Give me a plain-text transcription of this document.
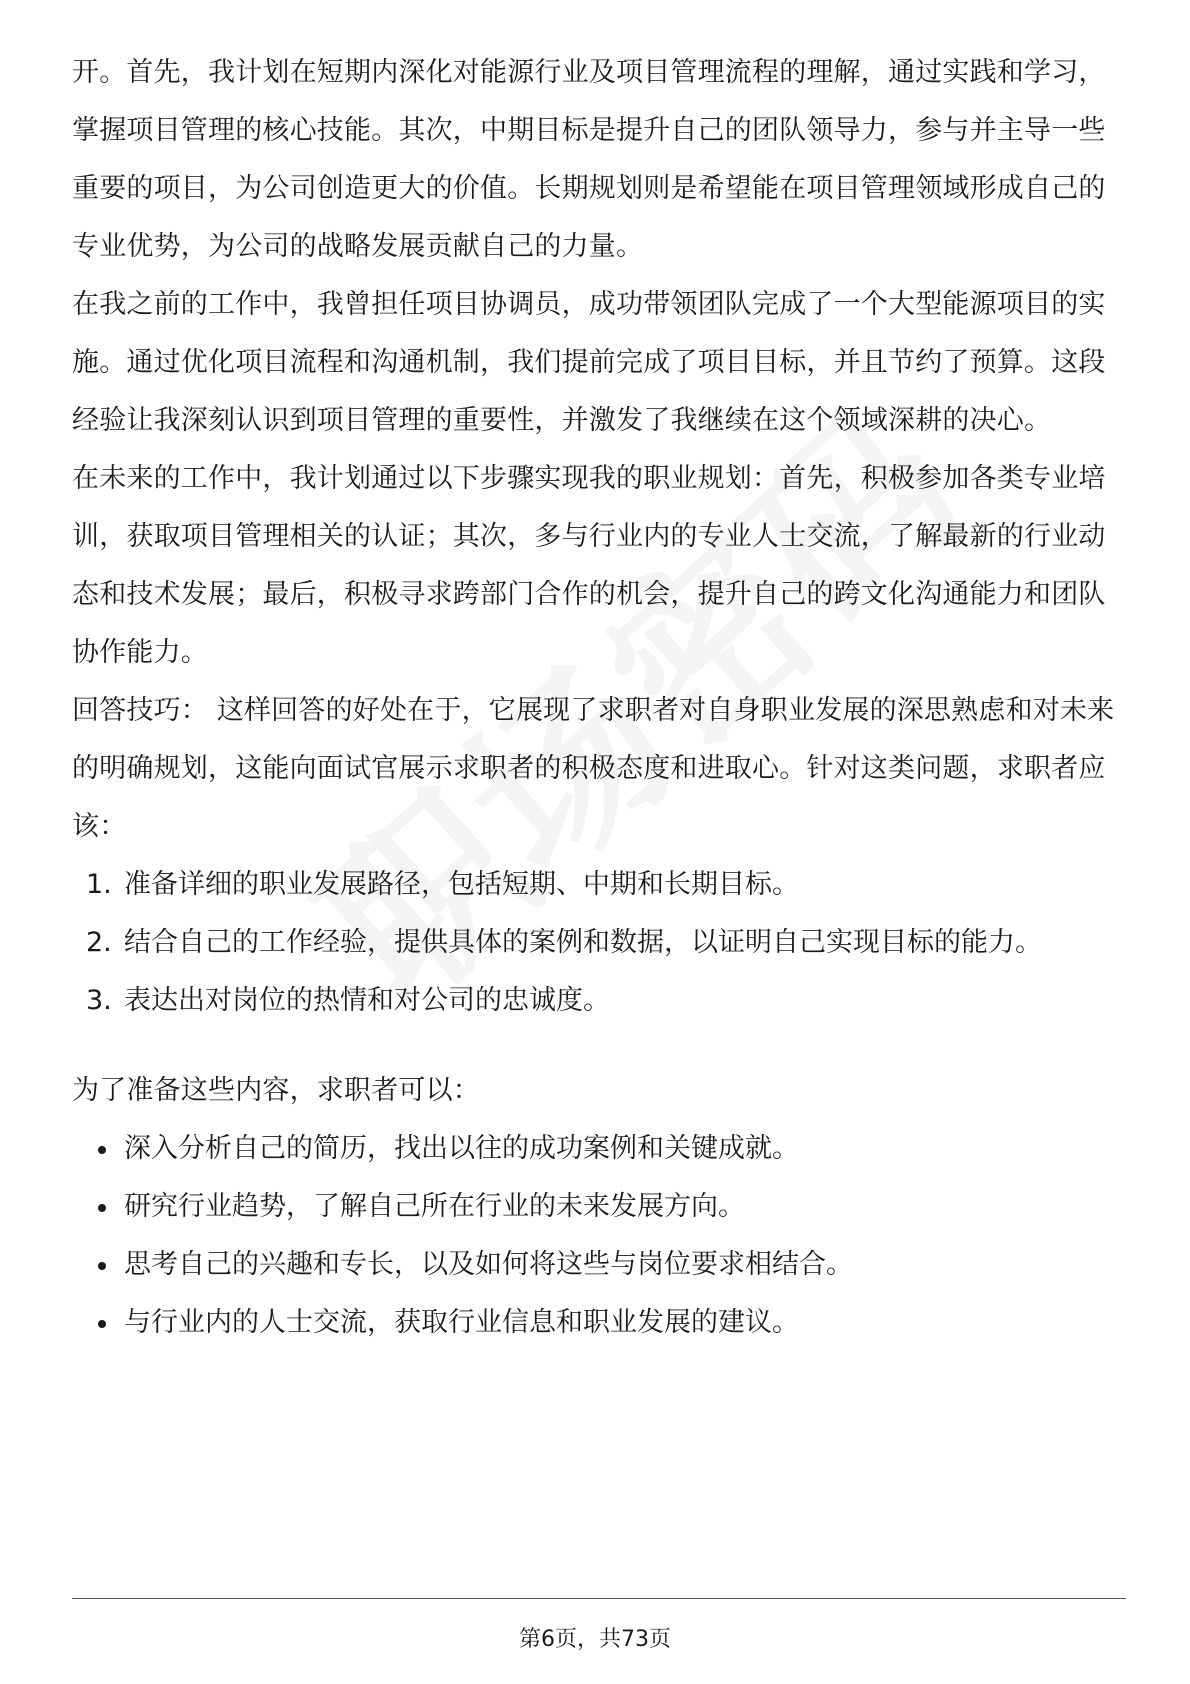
开。首先，我计划在短期内深化对能源行业及项目管理流程的理解，通过实践和学习，掌握项目管理的核心技能。其次，中期目标是提升自己的团队领导力，参与并主导一些重要的项目，为公司创造更大的价值。长期规划则是希望能在项目管理领域形成自己的专业优势，为公司的战略发展贡献自己的力量。

在我之前的工作中，我曾担任项目协调员，成功带领团队完成了一个大型能源项目的实施。通过优化项目流程和沟通机制，我们提前完成了项目目标，并且节约了预算。这段经验让我深刻认识到项目管理的重要性，并激发了我继续在这个领域深耕的决心。

在未来的工作中，我计划通过以下步骤实现我的职业规划：首先，积极参加各类专业培训，获取项目管理相关的认证；其次，多与行业内的专业人士交流，了解最新的行业动态和技术发展；最后，积极寻求跨部门合作的机会，提升自己的跨文化沟通能力和团队协作能力。

回答技巧： 这样回答的好处在于，它展现了求职者对自身职业发展的深思熟虑和对未来的明确规划，这能向面试官展示求职者的积极态度和进取心。针对这类问题，求职者应该：

1. 准备详细的职业发展路径，包括短期、中期和长期目标。
2. 结合自己的工作经验，提供具体的案例和数据，以证明自己实现目标的能力。
3. 表达出对岗位的热情和对公司的忠诚度。

为了准备这些内容，求职者可以：

深入分析自己的简历，找出以往的成功案例和关键成就。
研究行业趋势，了解自己所在行业的未来发展方向。
思考自己的兴趣和专长，以及如何将这些与岗位要求相结合。
与行业内的人士交流，获取行业信息和职业发展的建议。
第6页，共73页
